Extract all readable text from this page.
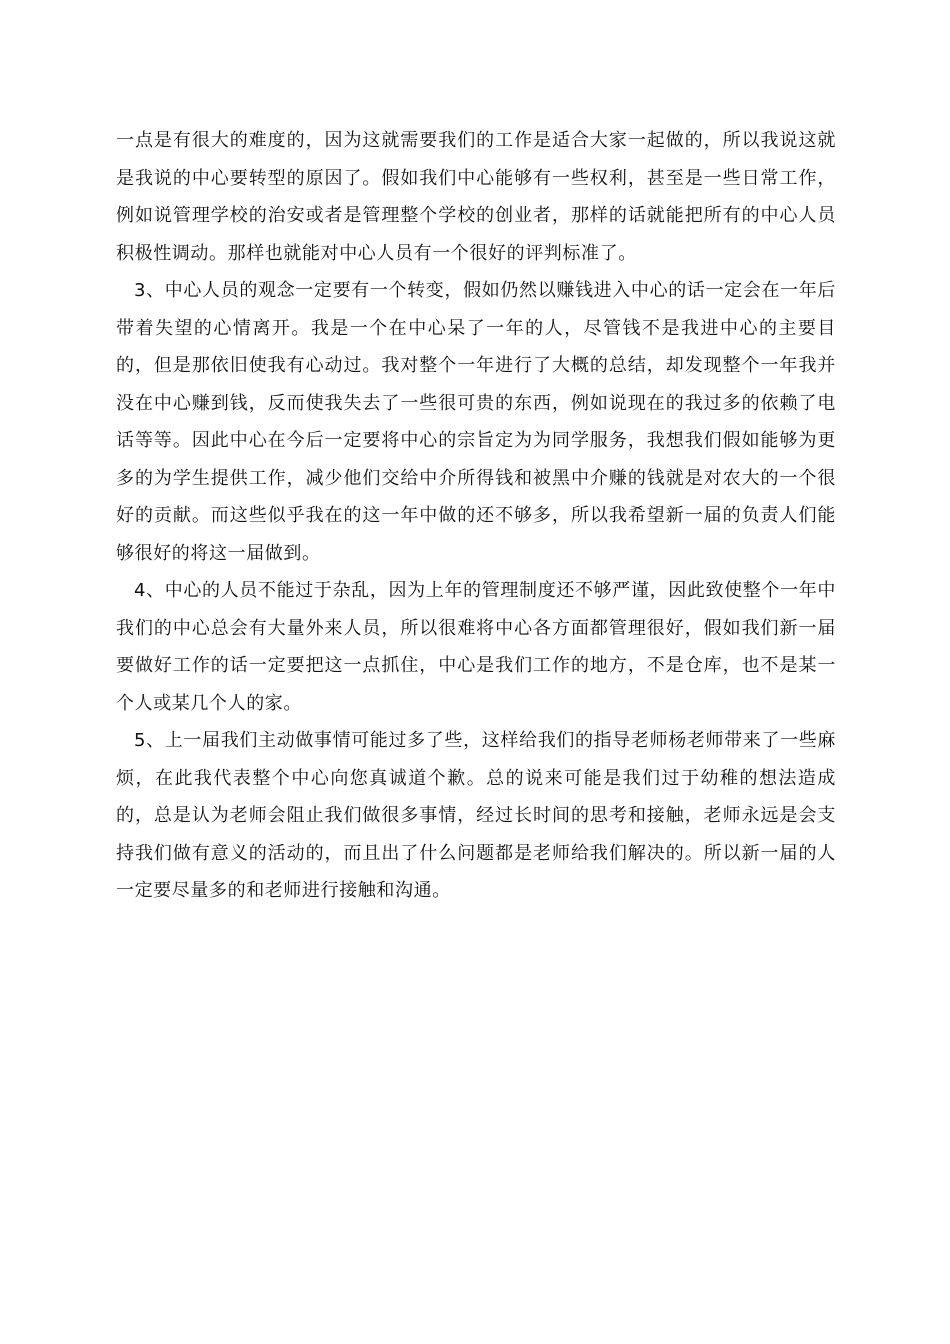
一点是有很大的难度的，因为这就需要我们的工作是适合大家一起做的，所以我说这就是我说的中心要转型的原因了。假如我们中心能够有一些权利，甚至是一些日常工作，例如说管理学校的治安或者是管理整个学校的创业者，那样的话就能把所有的中心人员积极性调动。那样也就能对中心人员有一个很好的评判标准了。

3、中心人员的观念一定要有一个转变，假如仍然以赚钱进入中心的话一定会在一年后带着失望的心情离开。我是一个在中心呆了一年的人，尽管钱不是我进中心的主要目的，但是那依旧使我有心动过。我对整个一年进行了大概的总结，却发现整个一年我并没在中心赚到钱，反而使我失去了一些很可贵的东西，例如说现在的我过多的依赖了电话等等。因此中心在今后一定要将中心的宗旨定为为同学服务，我想我们假如能够为更多的为学生提供工作，减少他们交给中介所得钱和被黑中介赚的钱就是对农大的一个很好的贡献。而这些似乎我在的这一年中做的还不够多，所以我希望新一届的负责人们能够很好的将这一届做到。

4、中心的人员不能过于杂乱，因为上年的管理制度还不够严谨，因此致使整个一年中我们的中心总会有大量外来人员，所以很难将中心各方面都管理很好，假如我们新一届要做好工作的话一定要把这一点抓住，中心是我们工作的地方，不是仓库，也不是某一个人或某几个人的家。

5、上一届我们主动做事情可能过多了些，这样给我们的指导老师杨老师带来了一些麻烦，在此我代表整个中心向您真诚道个歉。总的说来可能是我们过于幼稚的想法造成的，总是认为老师会阻止我们做很多事情，经过长时间的思考和接触，老师永远是会支持我们做有意义的活动的，而且出了什么问题都是老师给我们解决的。所以新一届的人一定要尽量多的和老师进行接触和沟通。
